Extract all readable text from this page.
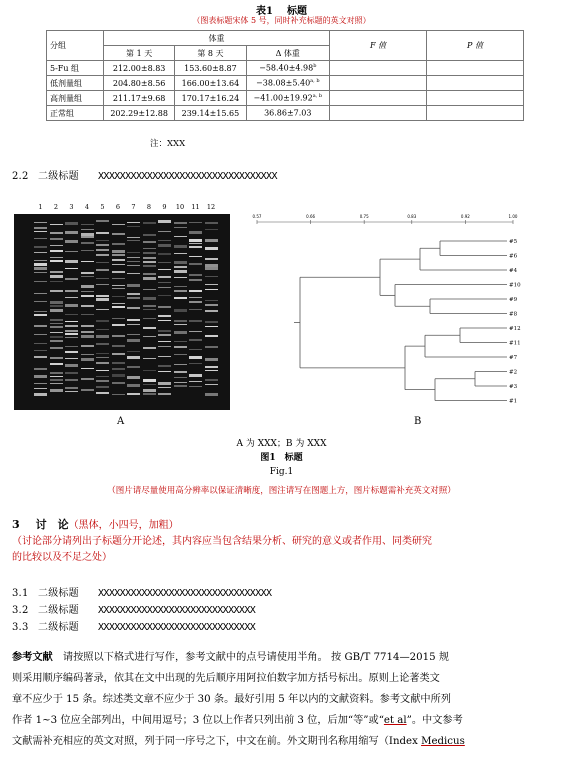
表1 标题
（图表标题宋体 5 号，同时补充标题的英文对照）
分组	体重			F 值	P 值
	第 1 天	第 8 天	Δ 体重		
5-Fu 组	212.00±8.83	153.60±8.87	−58.40±4.98$^b$		
低剂量组	204.80±8.56	166.00±13.64	$-38.08\pm 5.40^{a, b}$		
高剂量组	211.17±9.68	170.17±16.24	$-41.00\pm 19.92^{a, b}$		
正常组	202.29±12.88	239.14±15.65	36.86±7.03		
注：XXX
2.2 二级标题 XXXXXXXXXXXXXXXXXXXXXXXXXXXXXXXXX
1	2	3	4	5	6	7	8	9	10 11 12
A
0.57	0.66	0.75	0.83	0.92	1.00
#5
#6
#4
#10
#9
#8
#12
#11
#7
#2
#3
#1
B
A 为 XXX；B 为 XXX
图1　标题
Fig.1
（图片请尽量使用高分辨率以保证清晰度，图注请写在图题上方，图片标题需补充英文对照）
3 讨　论（黑体，小四号，加粗）
（讨论部分请列出子标题分开论述，其内容应当包含结果分析、研究的意义或者作用、同类研究
的比较以及不足之处）
3.1 二级标题 XXXXXXXXXXXXXXXXXXXXXXXXXXXXXXXX
3.2 二级标题 XXXXXXXXXXXXXXXXXXXXXXXXXXXXX
3.3 二级标题 XXXXXXXXXXXXXXXXXXXXXXXXXXXXX
参考文献　请按照以下格式进行写作，参考文献中的点号请使用半角。 按 GB/T 7714—2015 规
则采用顺序编码著录，依其在文中出现的先后顺序用阿拉伯数字加方括号标出。原则上论著类文
章不应少于 15 条。综述类文章不应少于 30 条。最好引用 5 年以内的文献资料。参考文献中所列
作者 1~3 位应全部列出，中间用逗号；3 位以上作者只列出前 3 位，后加“等”或“et al”。中文参考
文献需补充相应的英文对照，列于同一序号之下，中文在前。外文期刊名称用缩写（Index Medicus
